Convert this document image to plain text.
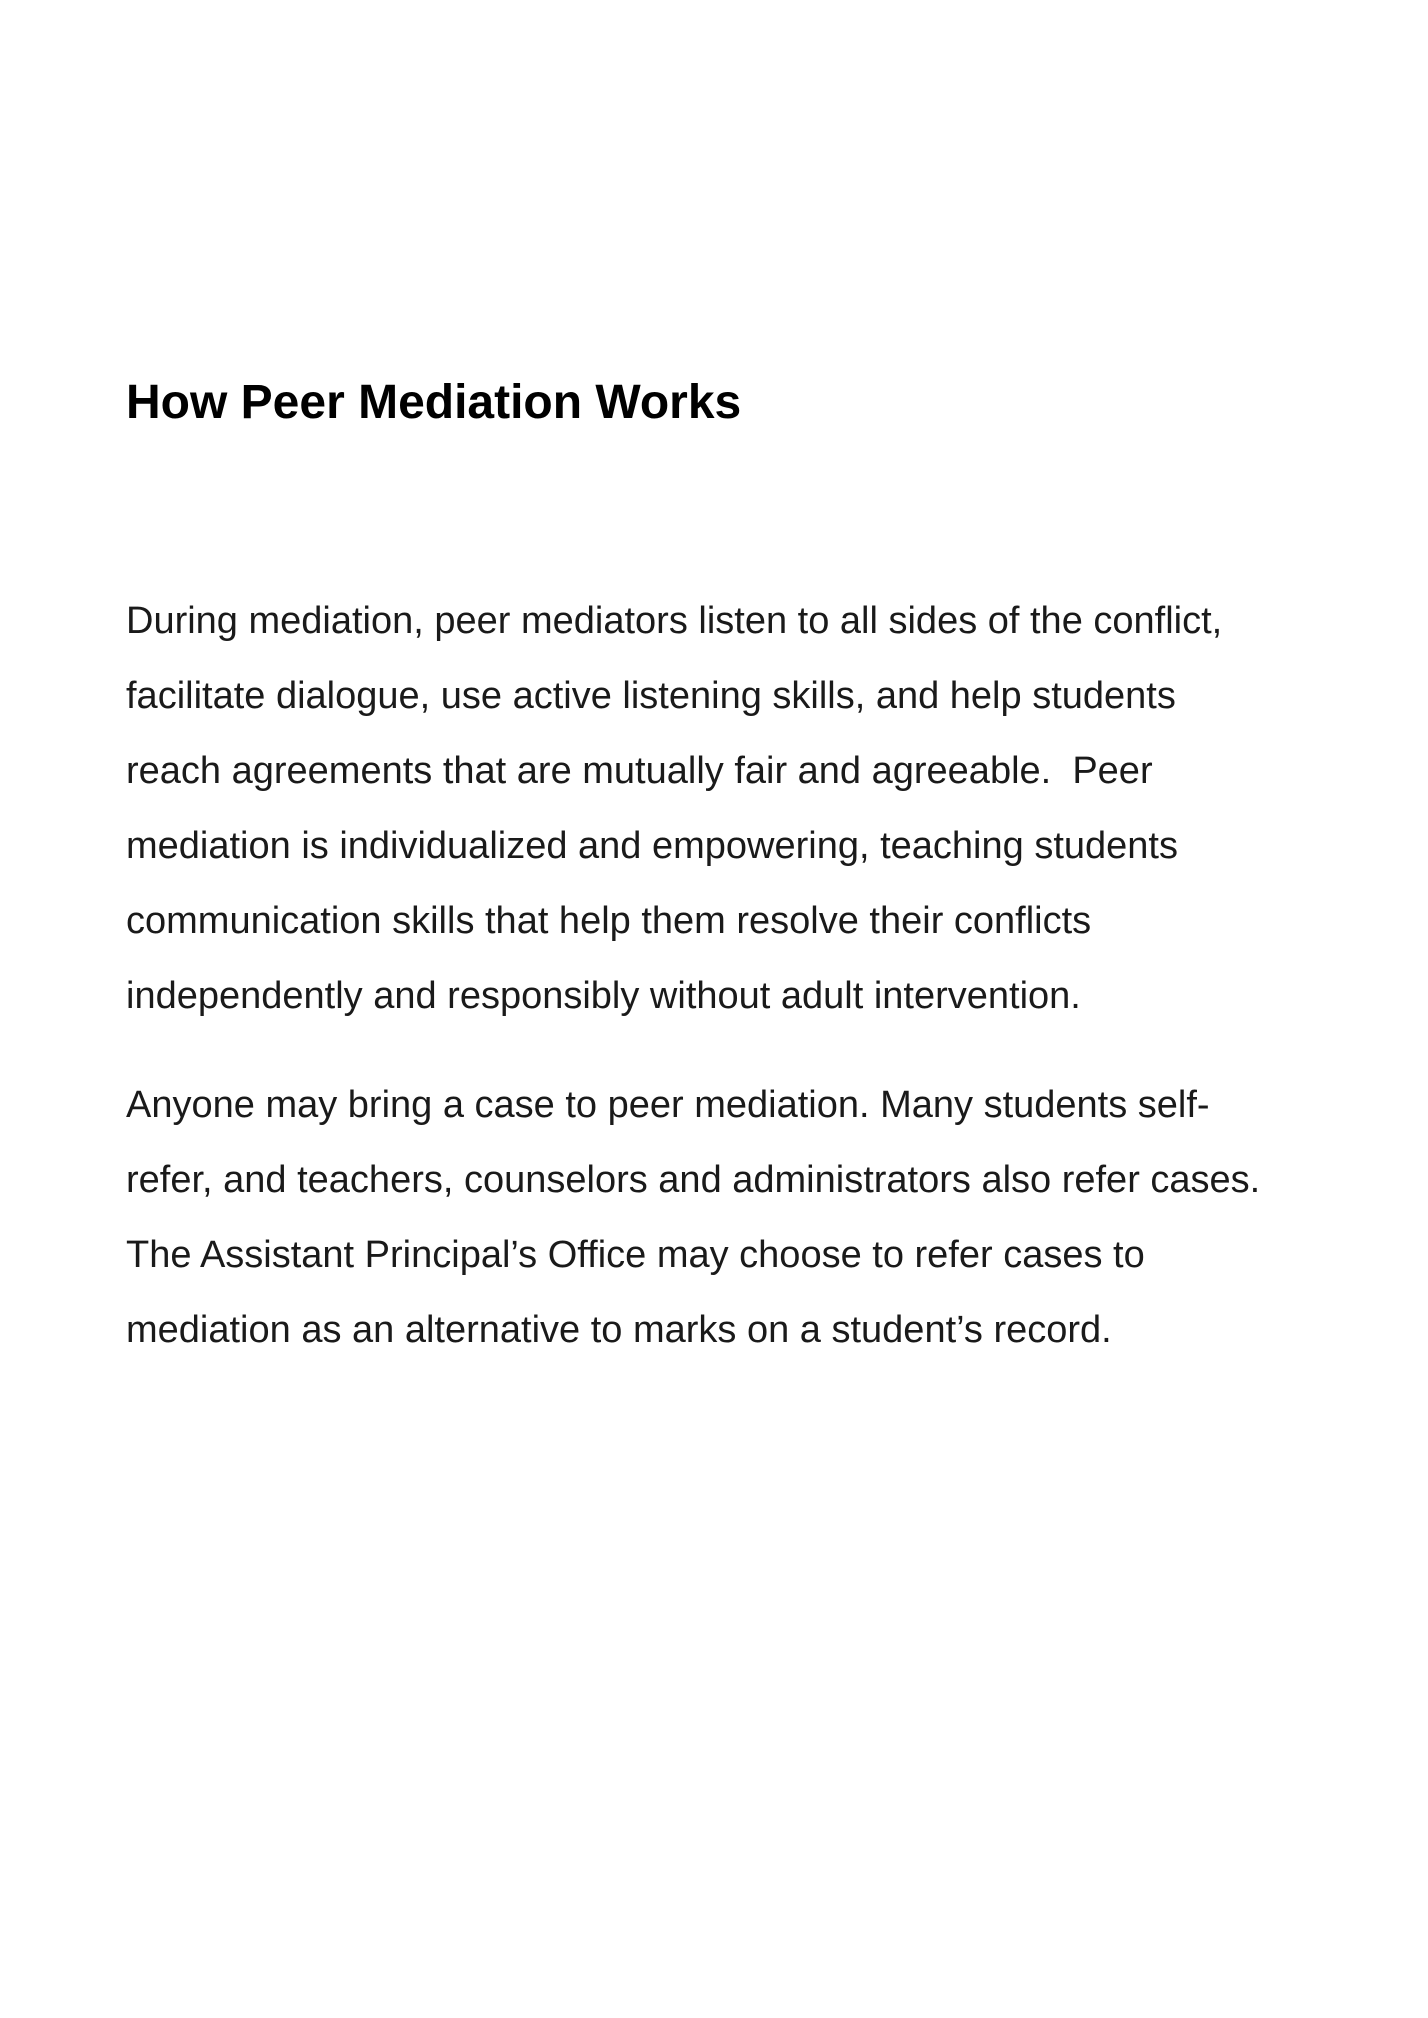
How Peer Mediation Works

During mediation, peer mediators listen to all sides of the conflict,
facilitate dialogue, use active listening skills, and help students
reach agreements that are mutually fair and agreeable.  Peer
mediation is individualized and empowering, teaching students
communication skills that help them resolve their conflicts
independently and responsibly without adult intervention.

Anyone may bring a case to peer mediation. Many students self-
refer, and teachers, counselors and administrators also refer cases.
The Assistant Principal’s Office may choose to refer cases to
mediation as an alternative to marks on a student’s record.
